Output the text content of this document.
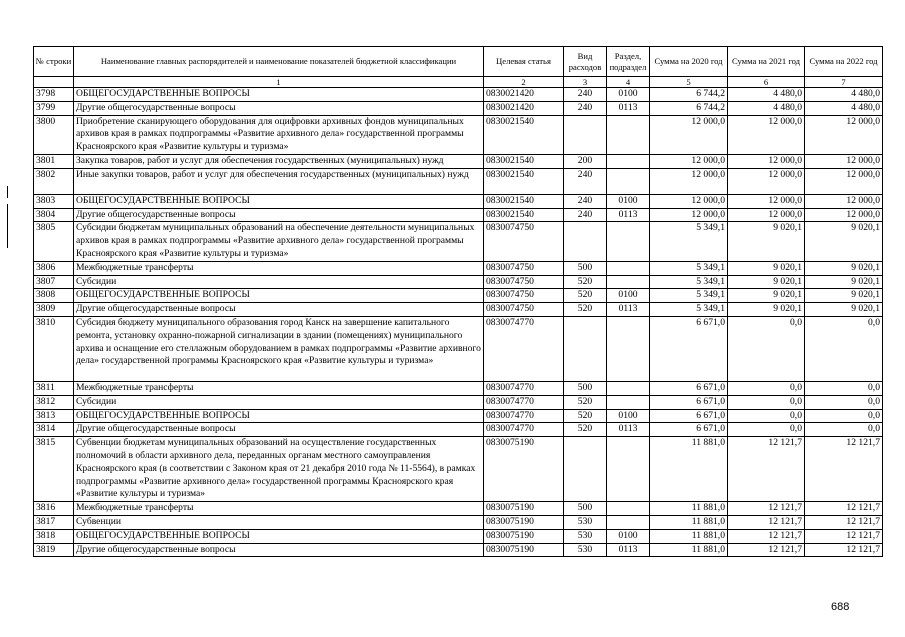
№ строки	Наименование главных распорядителей и наименование показателей бюджетной классификации	Целевая статья	Вид расходов	Раздел, подраздел	Сумма на 2020 год	Сумма на 2021 год	Сумма на 2022 год
	1	2	3	4	5	6	7
3798	ОБЩЕГОСУДАРСТВЕННЫЕ ВОПРОСЫ	0830021420	240	0100	6 744,2	4 480,0	4 480,0
3799	Другие общегосударственные вопросы	0830021420	240	0113	6 744,2	4 480,0	4 480,0
3800	Приобретение сканирующего оборудования для оцифровки архивных фондов муниципальных архивов края в рамках подпрограммы «Развитие архивного дела» государственной программы Красноярского края «Развитие культуры и туризма»	0830021540			12 000,0	12 000,0	12 000,0
3801	Закупка товаров, работ и услуг для обеспечения государственных (муниципальных) нужд	0830021540	200		12 000,0	12 000,0	12 000,0
3802	Иные закупки товаров, работ и услуг для обеспечения государственных (муниципальных) нужд	0830021540	240		12 000,0	12 000,0	12 000,0
3803	ОБЩЕГОСУДАРСТВЕННЫЕ ВОПРОСЫ	0830021540	240	0100	12 000,0	12 000,0	12 000,0
3804	Другие общегосударственные вопросы	0830021540	240	0113	12 000,0	12 000,0	12 000,0
3805	Субсидии бюджетам муниципальных образований на обеспечение деятельности муниципальных архивов края в рамках подпрограммы «Развитие архивного дела» государственной программы Красноярского края «Развитие культуры и туризма»	0830074750			5 349,1	9 020,1	9 020,1
3806	Межбюджетные трансферты	0830074750	500		5 349,1	9 020,1	9 020,1
3807	Субсидии	0830074750	520		5 349,1	9 020,1	9 020,1
3808	ОБЩЕГОСУДАРСТВЕННЫЕ ВОПРОСЫ	0830074750	520	0100	5 349,1	9 020,1	9 020,1
3809	Другие общегосударственные вопросы	0830074750	520	0113	5 349,1	9 020,1	9 020,1
3810	Субсидия бюджету муниципального образования город Канск на завершение капитального ремонта, установку охранно-пожарной сигнализации в здании (помещениях) муниципального архива и оснащение его стеллажным оборудованием в рамках подпрограммы «Развитие архивного дела» государственной программы Красноярского края «Развитие культуры и туризма»	0830074770			6 671,0	0,0	0,0
3811	Межбюджетные трансферты	0830074770	500		6 671,0	0,0	0,0
3812	Субсидии	0830074770	520		6 671,0	0,0	0,0
3813	ОБЩЕГОСУДАРСТВЕННЫЕ ВОПРОСЫ	0830074770	520	0100	6 671,0	0,0	0,0
3814	Другие общегосударственные вопросы	0830074770	520	0113	6 671,0	0,0	0,0
3815	Субвенции бюджетам муниципальных образований на осуществление государственных полномочий в области архивного дела, переданных органам местного самоуправления Красноярского края (в соответствии с Законом края от 21 декабря 2010 года № 11-5564), в рамках подпрограммы «Развитие архивного дела» государственной программы Красноярского края «Развитие культуры и туризма»	0830075190			11 881,0	12 121,7	12 121,7
3816	Межбюджетные трансферты	0830075190	500		11 881,0	12 121,7	12 121,7
3817	Субвенции	0830075190	530		11 881,0	12 121,7	12 121,7
3818	ОБЩЕГОСУДАРСТВЕННЫЕ ВОПРОСЫ	0830075190	530	0100	11 881,0	12 121,7	12 121,7
3819	Другие общегосударственные вопросы	0830075190	530	0113	11 881,0	12 121,7	12 121,7
688
